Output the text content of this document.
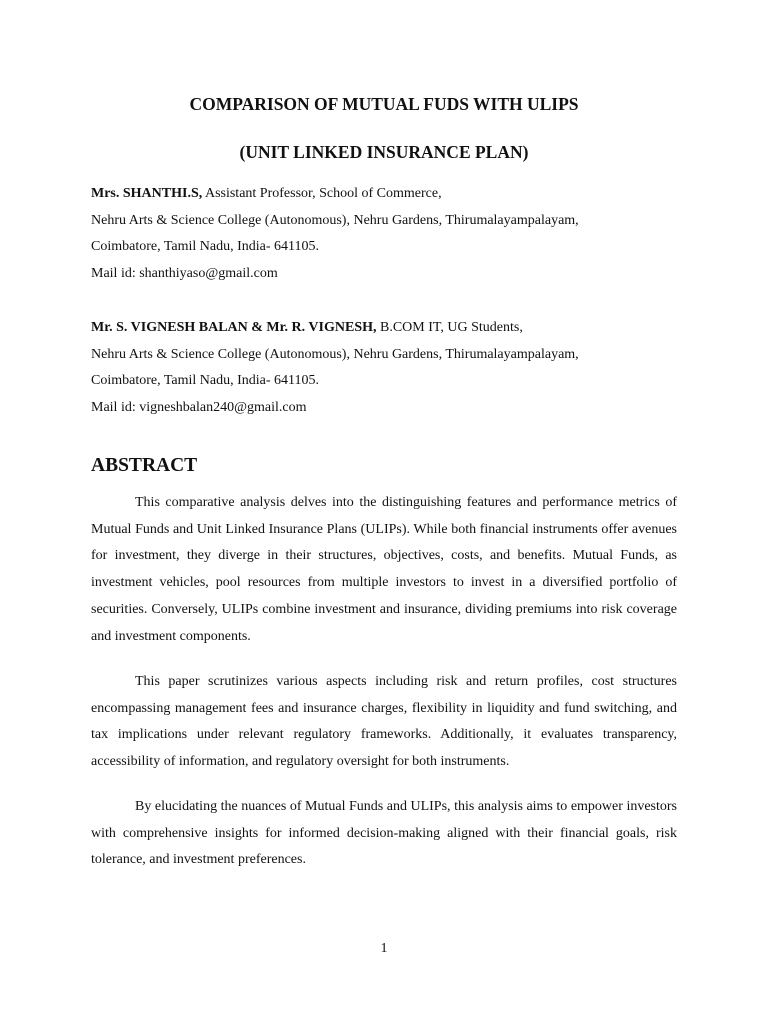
COMPARISON OF MUTUAL FUDS WITH ULIPS
(UNIT LINKED INSURANCE PLAN)
Mrs. SHANTHI.S, Assistant Professor, School of Commerce,
Nehru Arts & Science College (Autonomous), Nehru Gardens, Thirumalayampalayam,
Coimbatore, Tamil Nadu, India- 641105.
Mail id: shanthiyaso@gmail.com
Mr. S. VIGNESH BALAN & Mr. R. VIGNESH, B.COM IT, UG Students,
Nehru Arts & Science College (Autonomous), Nehru Gardens, Thirumalayampalayam,
Coimbatore, Tamil Nadu, India- 641105.
Mail id: vigneshbalan240@gmail.com
ABSTRACT

This comparative analysis delves into the distinguishing features and performance metrics of Mutual Funds and Unit Linked Insurance Plans (ULIPs). While both financial instruments offer avenues for investment, they diverge in their structures, objectives, costs, and benefits. Mutual Funds, as investment vehicles, pool resources from multiple investors to invest in a diversified portfolio of securities. Conversely, ULIPs combine investment and insurance, dividing premiums into risk coverage and investment components.

This paper scrutinizes various aspects including risk and return profiles, cost structures encompassing management fees and insurance charges, flexibility in liquidity and fund switching, and tax implications under relevant regulatory frameworks. Additionally, it evaluates transparency, accessibility of information, and regulatory oversight for both instruments.

By elucidating the nuances of Mutual Funds and ULIPs, this analysis aims to empower investors with comprehensive insights for informed decision-making aligned with their financial goals, risk tolerance, and investment preferences.

1
